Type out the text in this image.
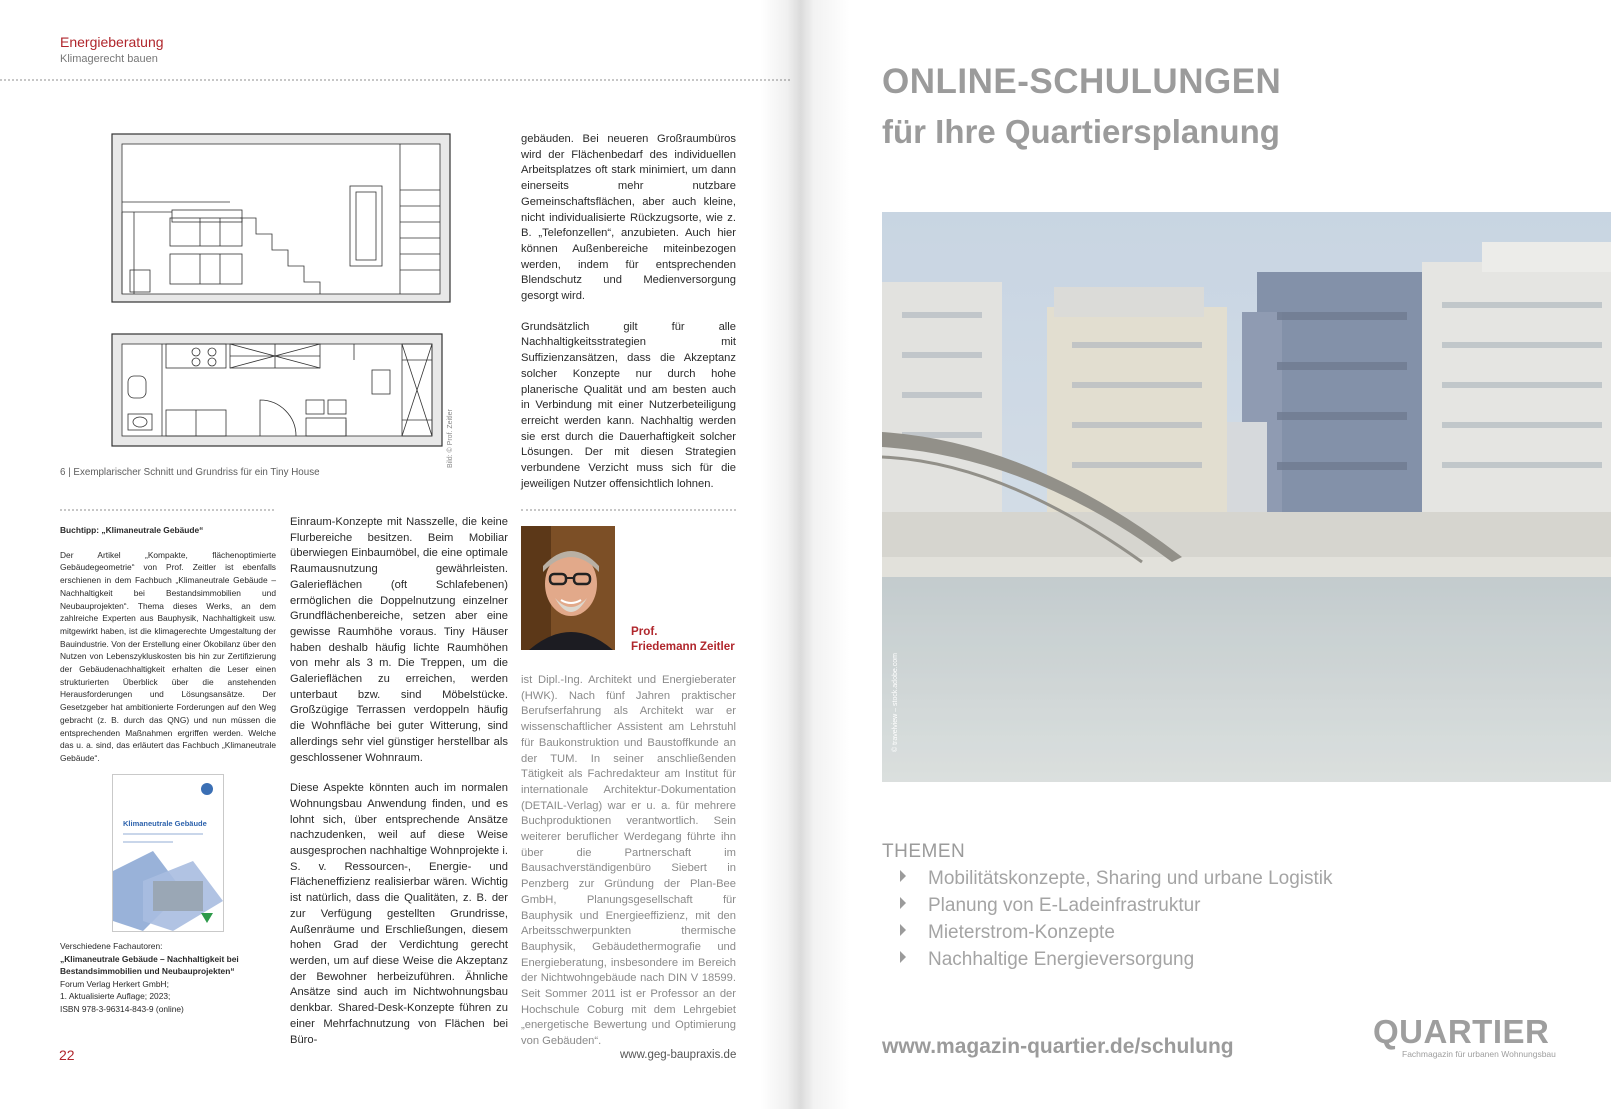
Energieberatung
Klimagerecht bauen
Bild: © Prof. Zeitler
6 | Exemplarischer Schnitt und Grundriss für ein Tiny House

gebäuden. Bei neueren Großraumbüros wird der Flächenbedarf des individuellen Arbeitsplatzes oft stark minimiert, um dann einerseits mehr nutzbare Gemeinschaftsflächen, aber auch kleine, nicht individualisierte Rückzugsorte, wie z. B. „Telefonzellen“, anzubieten. Auch hier können Außenbereiche miteinbezogen werden, indem für entsprechenden Blendschutz und Medienversorgung gesorgt wird.

Grundsätzlich gilt für alle Nachhaltigkeitsstrategien mit Suffizienzansätzen, dass die Akzeptanz solcher Konzepte nur durch hohe planerische Qualität und am besten auch in Verbindung mit einer Nutzerbeteiligung erreicht werden kann. Nachhaltig werden sie erst durch die Dauerhaftigkeit solcher Lösungen. Der mit diesen Strategien verbundene Verzicht muss sich für die jeweiligen Nutzer offensichtlich lohnen.

Buchtipp: „Klimaneutrale Gebäude“

Der Artikel „Kompakte, flächenoptimierte Gebäudegeometrie“ von Prof. Zeitler ist ebenfalls erschienen in dem Fachbuch „Klimaneutrale Gebäude – Nachhaltigkeit bei Bestandsimmobilien und Neubauprojekten“. Thema dieses Werks, an dem zahlreiche Experten aus Bauphysik, Nachhaltigkeit usw. mitgewirkt haben, ist die klimagerechte Umgestaltung der Bauindustrie. Von der Erstellung einer Ökobilanz über den Nutzen von Lebenszykluskosten bis hin zur Zertifizierung der Gebäudenachhaltigkeit erhalten die Leser einen strukturierten Überblick über die anstehenden Herausforderungen und Lösungsansätze. Der Gesetzgeber hat ambitionierte Forderungen auf den Weg gebracht (z. B. durch das QNG) und nun müssen die entsprechenden Maßnahmen ergriffen werden. Welche das u. a. sind, das erläutert das Fachbuch „Klimaneutrale Gebäude“.

Klimaneutrale Gebäude
Verschiedene Fachautoren:
„Klimaneutrale Gebäude – Nachhaltigkeit bei Bestandsimmobilien und Neubauprojekten“
Forum Verlag Herkert GmbH;
1. Aktualisierte Auflage; 2023;
ISBN 978-3-96314-843-9 (online)

Einraum-Konzepte mit Nasszelle, die keine Flurbereiche besitzen. Beim Mobiliar überwiegen Einbaumöbel, die eine optimale Raumausnutzung gewährleisten. Galerieflächen (oft Schlafebenen) ermöglichen die Doppelnutzung einzelner Grundflächenbereiche, setzen aber eine gewisse Raumhöhe voraus. Tiny Häuser haben deshalb häufig lichte Raumhöhen von mehr als 3 m. Die Treppen, um die Galerieflächen zu erreichen, werden unterbaut bzw. sind Möbelstücke. Großzügige Terrassen verdoppeln häufig die Wohnfläche bei guter Witterung, sind allerdings sehr viel günstiger herstellbar als geschlossener Wohnraum.

Diese Aspekte könnten auch im normalen Wohnungsbau Anwendung finden, und es lohnt sich, über entsprechende Ansätze nachzudenken, weil auf diese Weise ausgesprochen nachhaltige Wohnprojekte i. S. v. Ressourcen-, Energie- und Flächeneffizienz realisierbar wären. Wichtig ist natürlich, dass die Qualitäten, z. B. der zur Verfügung gestellten Grundrisse, Außenräume und Erschließungen, diesem hohen Grad der Verdichtung gerecht werden, um auf diese Weise die Akzeptanz der Bewohner herbeizuführen. Ähnliche Ansätze sind auch im Nichtwohnungsbau denkbar. Shared-Desk-Konzepte führen zu einer Mehrfachnutzung von Flächen bei Büro-

Prof.
Friedemann Zeitler
ist Dipl.-Ing. Architekt und Energieberater (HWK). Nach fünf Jahren praktischer Berufserfahrung als Architekt war er wissenschaftlicher Assistent am Lehrstuhl für Baukonstruktion und Baustoffkunde an der TUM. In seiner anschließenden Tätigkeit als Fachredakteur am Institut für internationale Architektur-Dokumentation (DETAIL-Verlag) war er u. a. für mehrere Buchproduktionen verantwortlich. Sein weiterer beruflicher Werdegang führte ihn über die Partnerschaft im Bausachverständigenbüro Siebert in Penzberg zur Gründung der Plan-Bee GmbH, Planungsgesellschaft für Bauphysik und Energieeffizienz, mit den Arbeitsschwerpunkten thermische Bauphysik, Gebäudethermografie und Energieberatung, insbesondere im Bereich der Nichtwohngebäude nach DIN V 18599. Seit Sommer 2011 ist er Professor an der Hochschule Coburg mit dem Lehrgebiet „energetische Bewertung und Optimierung von Gebäuden“.
22	www.geg-baupraxis.de
ONLINE-SCHULUNGEN
für Ihre Quartiersplanung
© travelview – stock.adobe.com
THEMEN
Mobilitätskonzepte, Sharing und urbane Logistik
Planung von E-Ladeinfrastruktur
Mieterstrom-Konzepte
Nachhaltige Energieversorgung
www.magazin-quartier.de/schulung	QUARTIER
Fachmagazin für urbanen Wohnungsbau
